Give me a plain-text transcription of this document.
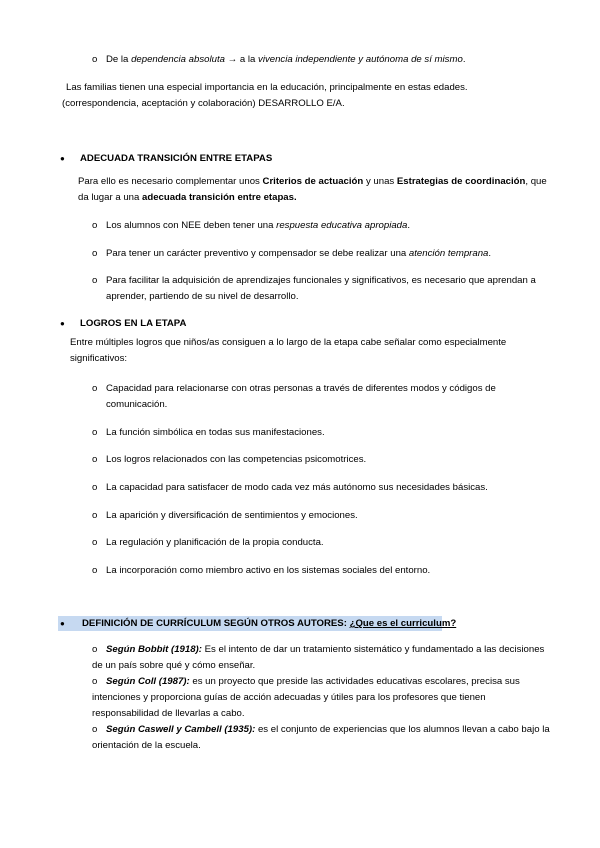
o De la dependencia absoluta → a la vivencia independiente y autónoma de sí mismo.
Las familias tienen una especial importancia en la educación, principalmente en estas edades.
(correspondencia, aceptación y colaboración) DESARROLLO E/A.
● ADECUADA TRANSICIÓN ENTRE ETAPAS
Para ello es necesario complementar unos Criterios de actuación y unas Estrategias de coordinación, que
da lugar a una adecuada transición entre etapas.
o Los alumnos con NEE deben tener una respuesta educativa apropiada.
o Para tener un carácter preventivo y compensador se debe realizar una atención temprana.
o Para facilitar la adquisición de aprendizajes funcionales y significativos, es necesario que aprendan a
aprender, partiendo de su nivel de desarrollo.
● LOGROS EN LA ETAPA
Entre múltiples logros que niños/as consiguen a lo largo de la etapa cabe señalar como especialmente
significativos:
o Capacidad para relacionarse con otras personas a través de diferentes modos y códigos de
comunicación.
o La función simbólica en todas sus manifestaciones.
o Los logros relacionados con las competencias psicomotrices.
o La capacidad para satisfacer de modo cada vez más autónomo sus necesidades básicas.
o La aparición y diversificación de sentimientos y emociones.
o La regulación y planificación de la propia conducta.
o La incorporación como miembro activo en los sistemas sociales del entorno.
● DEFINICIÓN DE CURRÍCULUM SEGÚN OTROS AUTORES: ¿Que es el curriculum?
o Según Bobbit (1918): Es el intento de dar un tratamiento sistemático y fundamentado a las decisiones
de un país sobre qué y cómo enseñar.
o Según Coll (1987): es un proyecto que preside las actividades educativas escolares, precisa sus
intenciones y proporciona guías de acción adecuadas y útiles para los profesores que tienen
responsabilidad de llevarlas a cabo.
o Según Caswell y Cambell (1935): es el conjunto de experiencias que los alumnos llevan a cabo bajo la
orientación de la escuela.
